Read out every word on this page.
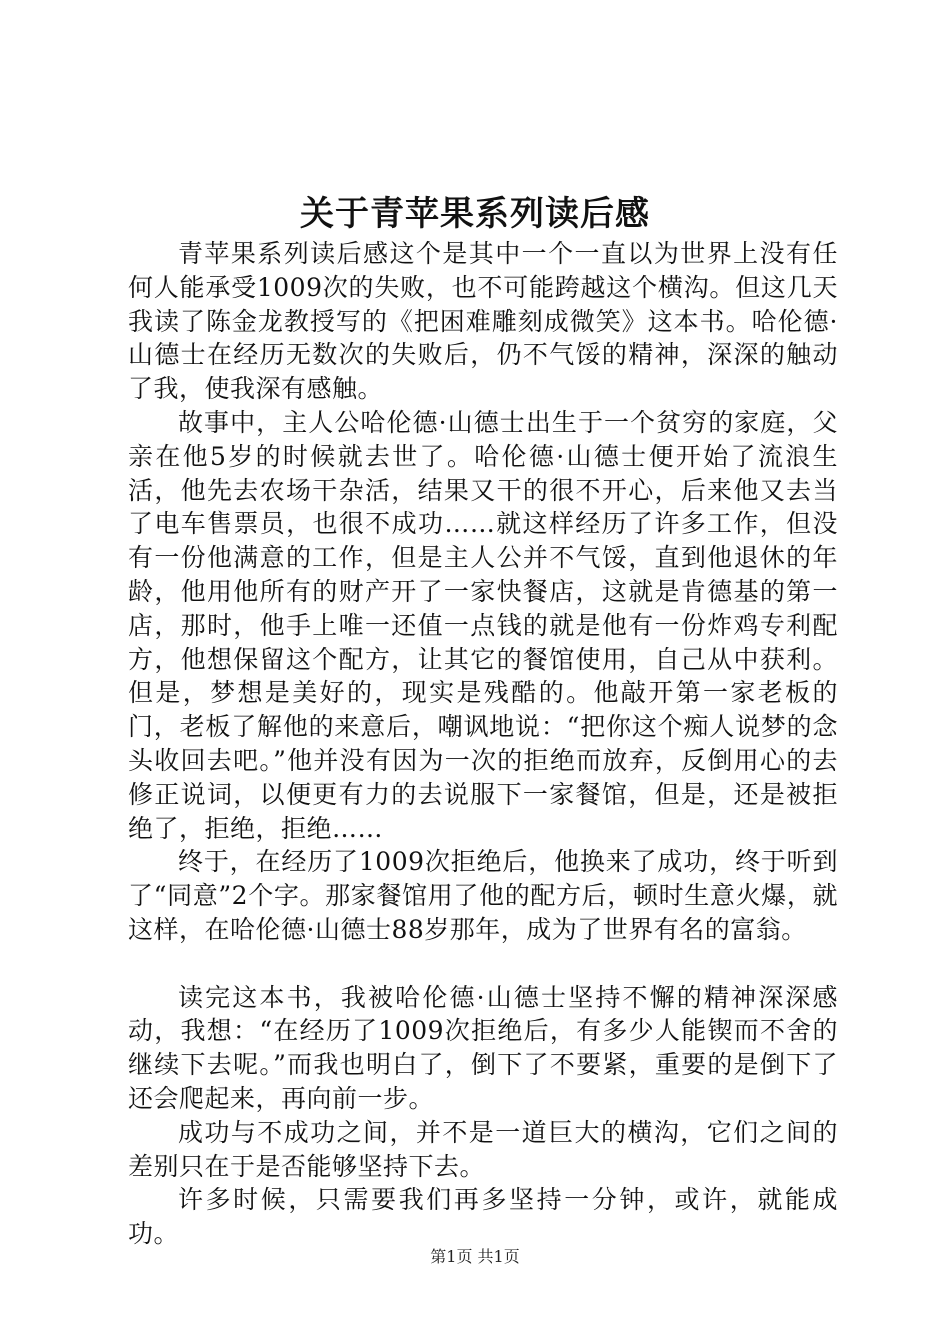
关于青苹果系列读后感

青苹果系列读后感这个是其中一个一直以为世界上没有任何人能承受1009次的失败，也不可能跨越这个横沟。但这几天我读了陈金龙教授写的《把困难雕刻成微笑》这本书。哈伦德·山德士在经历无数次的失败后，仍不气馁的精神，深深的触动了我，使我深有感触。

故事中，主人公哈伦德·山德士出生于一个贫穷的家庭，父亲在他5岁的时候就去世了。哈伦德·山德士便开始了流浪生活，他先去农场干杂活，结果又干的很不开心，后来他又去当了电车售票员，也很不成功……就这样经历了许多工作，但没有一份他满意的工作，但是主人公并不气馁，直到他退休的年龄，他用他所有的财产开了一家快餐店，这就是肯德基的第一店，那时，他手上唯一还值一点钱的就是他有一份炸鸡专利配方，他想保留这个配方，让其它的餐馆使用，自己从中获利。但是，梦想是美好的，现实是残酷的。他敲开第一家老板的门，老板了解他的来意后，嘲讽地说：“把你这个痴人说梦的念头收回去吧。”他并没有因为一次的拒绝而放弃，反倒用心的去修正说词，以便更有力的去说服下一家餐馆，但是，还是被拒绝了，拒绝，拒绝……

终于，在经历了1009次拒绝后，他换来了成功，终于听到了“同意”2个字。那家餐馆用了他的配方后，顿时生意火爆，就这样，在哈伦德·山德士88岁那年，成为了世界有名的富翁。

读完这本书，我被哈伦德·山德士坚持不懈的精神深深感动，我想：“在经历了1009次拒绝后，有多少人能锲而不舍的继续下去呢。”而我也明白了，倒下了不要紧，重要的是倒下了还会爬起来，再向前一步。

成功与不成功之间，并不是一道巨大的横沟，它们之间的差别只在于是否能够坚持下去。

许多时候，只需要我们再多坚持一分钟，或许，就能成功。

第1页 共1页
